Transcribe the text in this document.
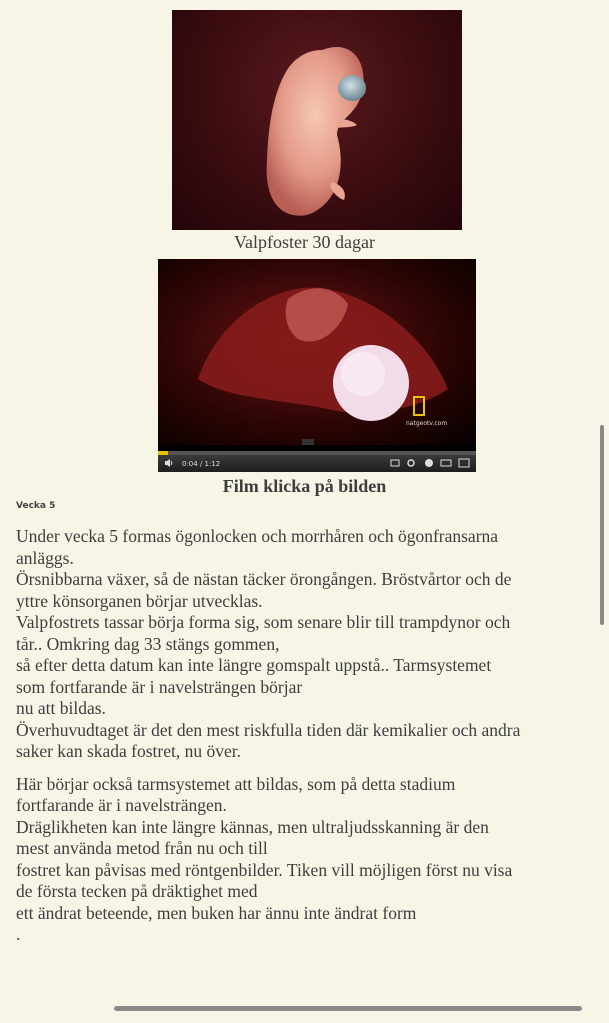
Valpfoster 30 dagar
natgeotv.com
0:04 / 1:12
Film klicka på bilden
Vecka 5

Under vecka 5 formas ögonlocken och morrhåren och ögonfransarna
anläggs.
Örsnibbarna växer, så de nästan täcker örongången. Bröstvårtor och de
yttre könsorganen börjar utvecklas.
Valpfostrets tassar börja forma sig, som senare blir till trampdynor och
tår.. Omkring dag 33 stängs gommen,
så efter detta datum kan inte längre gomspalt uppstå.. Tarmsystemet
som fortfarande är i navelsträngen börjar
nu att bildas.
Överhuvudtaget är det den mest riskfulla tiden där kemikalier och andra
saker kan skada fostret, nu över.

Här börjar också tarmsystemet att bildas, som på detta stadium
fortfarande är i navelsträngen.
Dräglikheten kan inte längre kännas, men ultraljudsskanning är den
mest använda metod från nu och till
fostret kan påvisas med röntgenbilder. Tiken vill möjligen först nu visa
de första tecken på dräktighet med
ett ändrat beteende, men buken har ännu inte ändrat form
.
